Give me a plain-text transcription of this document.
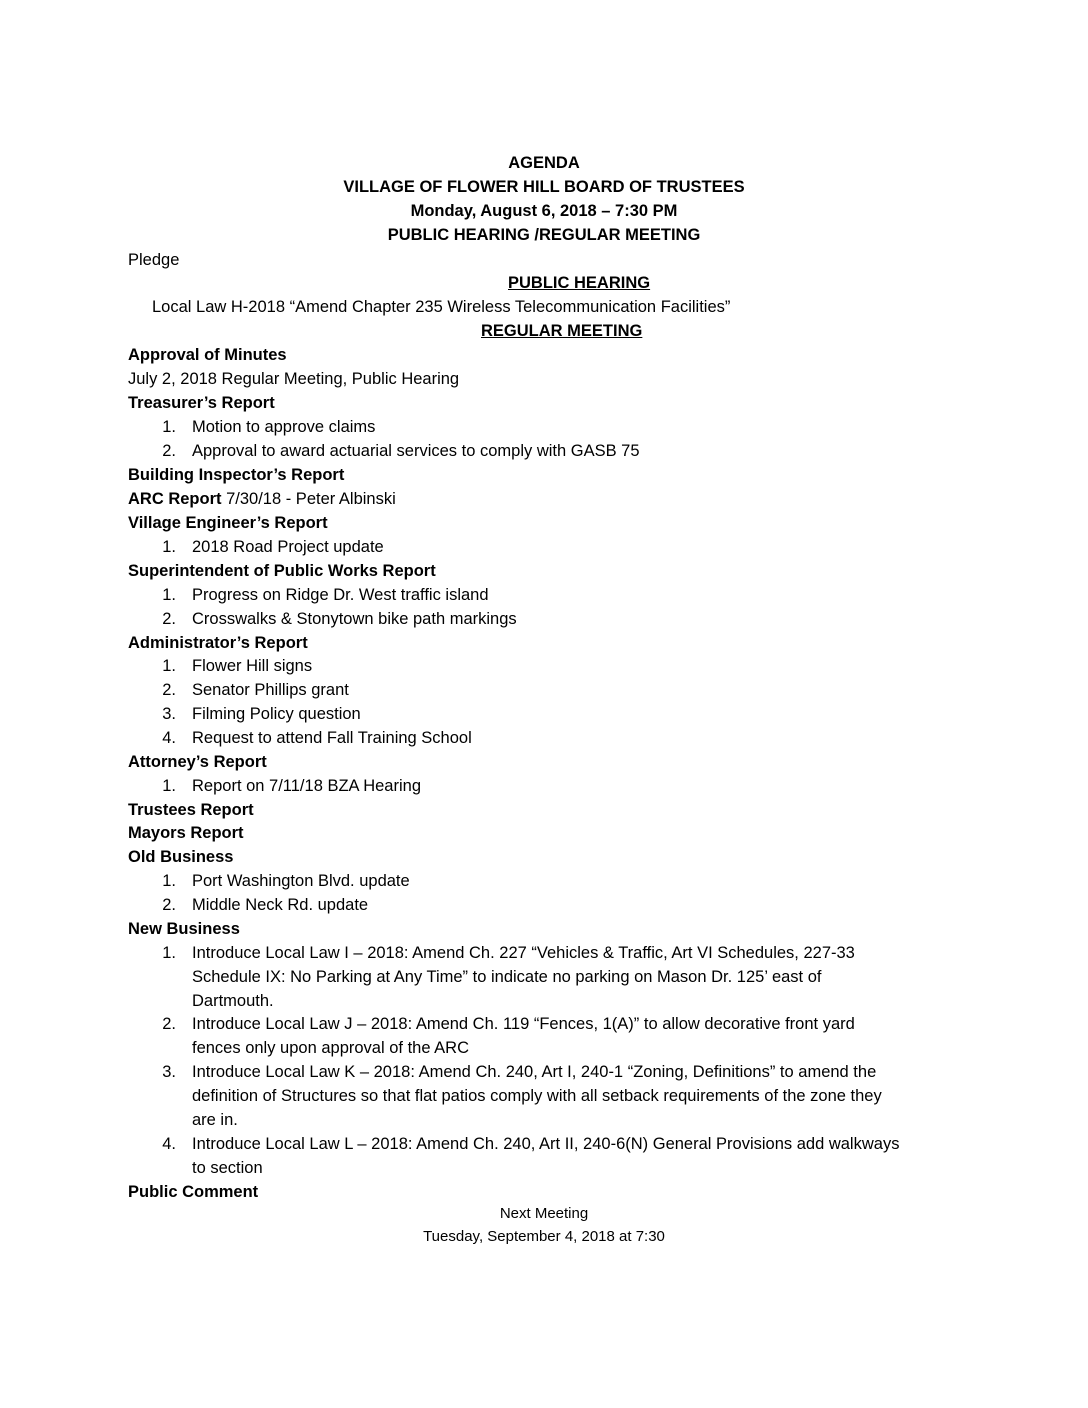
AGENDA
VILLAGE OF FLOWER HILL BOARD OF TRUSTEES
Monday, August 6, 2018 – 7:30 PM
PUBLIC HEARING /REGULAR MEETING
Pledge
PUBLIC HEARING
Local Law H-2018 “Amend Chapter 235 Wireless Telecommunication Facilities”
REGULAR MEETING
Approval of Minutes
July 2, 2018 Regular Meeting, Public Hearing
Treasurer’s Report
1. Motion to approve claims
2. Approval to award actuarial services to comply with GASB 75
Building Inspector’s Report
ARC Report 7/30/18 - Peter Albinski
Village Engineer’s Report
1. 2018 Road Project update
Superintendent of Public Works Report
1. Progress on Ridge Dr. West traffic island
2. Crosswalks & Stonytown bike path markings
Administrator’s Report
1. Flower Hill signs
2. Senator Phillips grant
3. Filming Policy question
4. Request to attend Fall Training School
Attorney’s Report
1. Report on 7/11/18 BZA Hearing
Trustees Report
Mayors Report
Old Business
1. Port Washington Blvd. update
2. Middle Neck Rd. update
New Business
1. Introduce Local Law I – 2018: Amend Ch. 227 “Vehicles & Traffic, Art VI Schedules, 227-33
Schedule IX: No Parking at Any Time” to indicate no parking on Mason Dr. 125’ east of
Dartmouth.
2. Introduce Local Law J – 2018: Amend Ch. 119 “Fences, 1(A)” to allow decorative front yard
fences only upon approval of the ARC
3. Introduce Local Law K – 2018: Amend Ch. 240, Art I, 240-1 “Zoning, Definitions” to amend the
definition of Structures so that flat patios comply with all setback requirements of the zone they
are in.
4. Introduce Local Law L – 2018: Amend Ch. 240, Art II, 240-6(N) General Provisions add walkways
to section
Public Comment
Next Meeting
Tuesday, September 4, 2018 at 7:30
